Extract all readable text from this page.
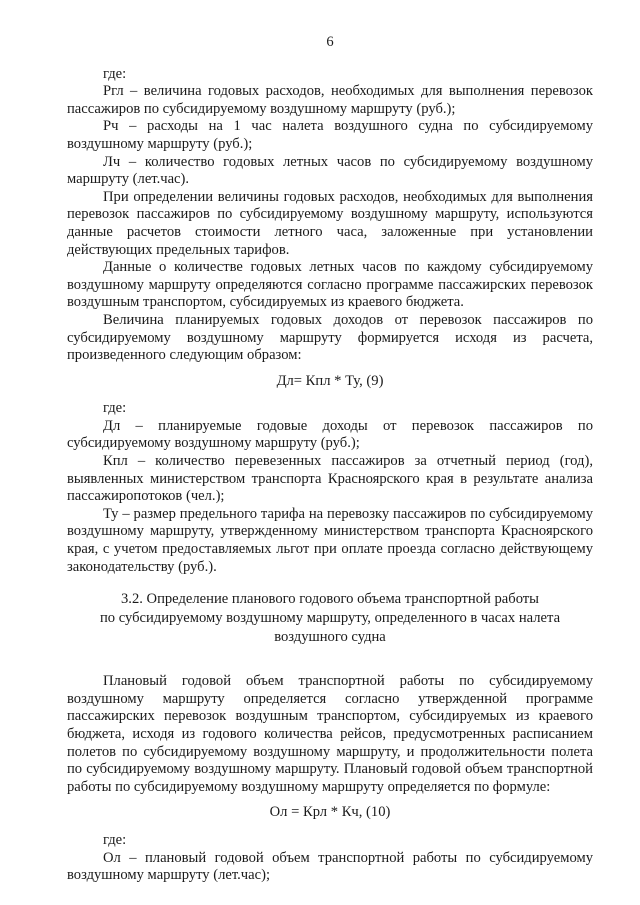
6

где:

Ргл – величина годовых расходов, необходимых для выполнения перевозок пассажиров по субсидируемому воздушному маршруту (руб.);

Рч – расходы на 1 час налета воздушного судна по субсидируемому воздушному маршруту (руб.);

Лч – количество годовых летных часов по субсидируемому воздушному маршруту (лет.час).

При определении величины годовых расходов, необходимых для выполнения перевозок пассажиров по субсидируемому воздушному маршруту, используются данные расчетов стоимости летного часа, заложенные при установлении действующих предельных тарифов.

Данные о количестве годовых летных часов по каждому субсидируемому воздушному маршруту определяются согласно программе пассажирских перевозок воздушным транспортом, субсидируемых из краевого бюджета.

Величина планируемых годовых доходов от перевозок пассажиров по субсидируемому воздушному маршруту формируется исходя из расчета, произведенного следующим образом:

Дл= Кпл * Ту, (9)

где:

Дл – планируемые годовые доходы от перевозок пассажиров по субсидируемому воздушному маршруту (руб.);

Кпл – количество перевезенных пассажиров за отчетный период (год), выявленных министерством транспорта Красноярского края в результате анализа пассажиропотоков (чел.);

Ту – размер предельного тарифа на перевозку пассажиров по субсидируемому воздушному маршруту, утвержденному министерством транспорта Красноярского края, с учетом предоставляемых льгот при оплате проезда согласно действующему законодательству (руб.).

3.2. Определение планового годового объема транспортной работы

по субсидируемому воздушному маршруту, определенного в часах налета

воздушного судна

Плановый годовой объем транспортной работы по субсидируемому воздушному маршруту определяется согласно утвержденной программе пассажирских перевозок воздушным транспортом, субсидируемых из краевого бюджета, исходя из годового количества рейсов, предусмотренных расписанием полетов по субсидируемому воздушному маршруту, и продолжительности полета по субсидируемому воздушному маршруту. Плановый годовой объем транспортной работы по субсидируемому воздушному маршруту определяется по формуле:

Ол = Крл * Кч, (10)

где:

Ол – плановый годовой объем транспортной работы по субсидируемому воздушному маршруту (лет.час);
